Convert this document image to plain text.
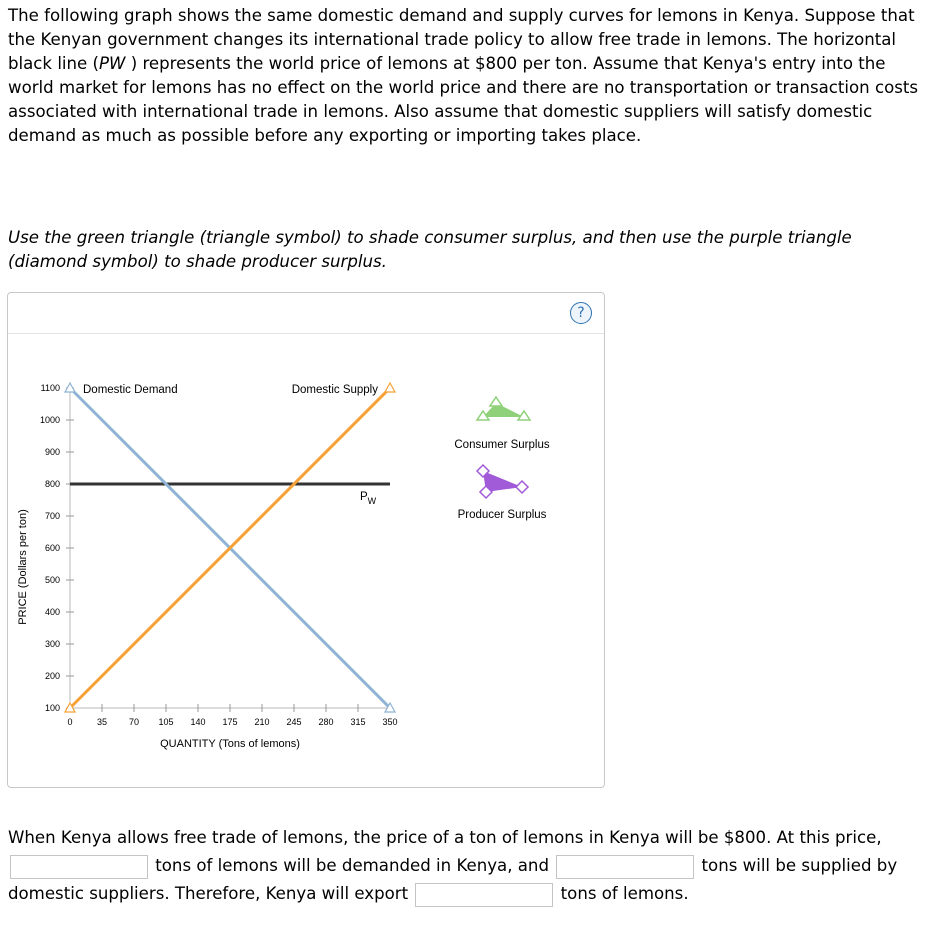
The following graph shows the same domestic demand and supply curves for lemons in Kenya. Suppose that the Kenyan government changes its international trade policy to allow free trade in lemons. The horizontal black line (PW ) represents the world price of lemons at $800 per ton. Assume that Kenya's entry into the world market for lemons has no effect on the world price and there are no transportation or transaction costs associated with international trade in lemons. Also assume that domestic suppliers will satisfy domestic demand as much as possible before any exporting or importing takes place.

Use the green triangle (triangle symbol) to shade consumer surplus, and then use the purple triangle (diamond symbol) to shade producer surplus.

?
100
200
300
400
500
600
700
800
900
1000
1100
0	35 70 105 140 175 210 245 280 315 350
Domestic Demand	Domestic Supply
$P_W$
PRICE (Dollars per ton)
QUANTITY (Tons of lemons)
Consumer Surplus
Producer Surplus

When Kenya allows free trade of lemons, the price of a ton of lemons in Kenya will be $800. At this price,  tons of lemons will be demanded in Kenya, and	tons will be supplied by domestic suppliers. Therefore, Kenya will export	tons of lemons.
